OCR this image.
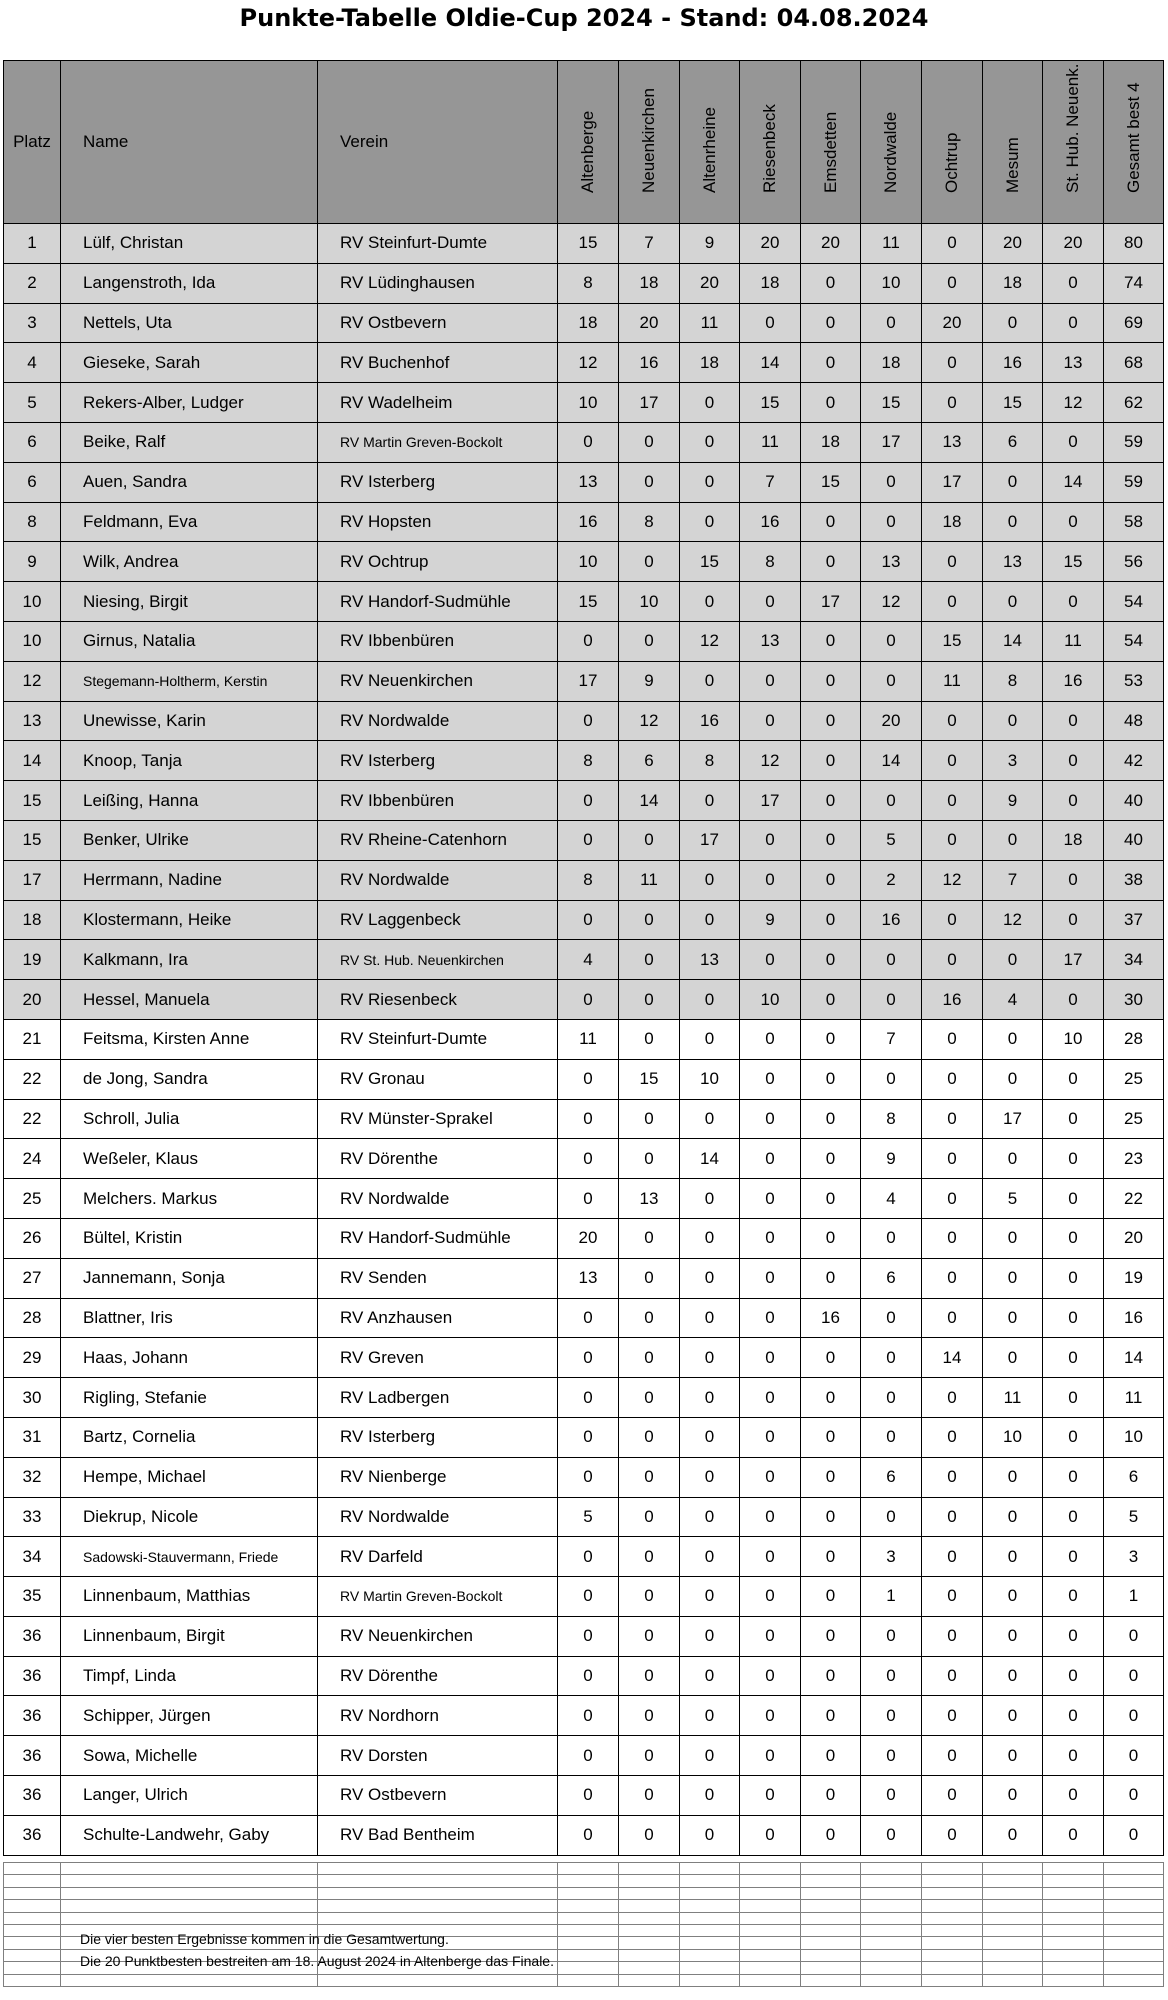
Punkte-Tabelle Oldie-Cup 2024 - Stand: 04.08.2024
Platz	Name	Verein	Altenberge	Neuenkirchen	Altenrheine	Riesenbeck	Emsdetten	Nordwalde	Ochtrup	Mesum	St. Hub. Neuenk.	Gesamt best 4

1	Lülf, Christan	RV Steinfurt-Dumte	15	7	9	20	20	11	0	20	20	80
2	Langenstroth, Ida	RV Lüdinghausen	8	18	20	18	0	10	0	18	0	74
3	Nettels, Uta	RV Ostbevern	18	20	11	0	0	0	20	0	0	69
4	Gieseke, Sarah	RV Buchenhof	12	16	18	14	0	18	0	16	13	68
5	Rekers-Alber, Ludger	RV Wadelheim	10	17	0	15	0	15	0	15	12	62
6	Beike, Ralf	RV Martin Greven-Bockolt	0	0	0	11	18	17	13	6	0	59
6	Auen, Sandra	RV Isterberg	13	0	0	7	15	0	17	0	14	59
8	Feldmann, Eva	RV Hopsten	16	8	0	16	0	0	18	0	0	58
9	Wilk, Andrea	RV Ochtrup	10	0	15	8	0	13	0	13	15	56
10	Niesing, Birgit	RV Handorf-Sudmühle	15	10	0	0	17	12	0	0	0	54
10	Girnus, Natalia	RV Ibbenbüren	0	0	12	13	0	0	15	14	11	54
12	Stegemann-Holtherm, Kerstin	RV Neuenkirchen	17	9	0	0	0	0	11	8	16	53
13	Unewisse, Karin	RV Nordwalde	0	12	16	0	0	20	0	0	0	48
14	Knoop, Tanja	RV Isterberg	8	6	8	12	0	14	0	3	0	42
15	Leißing, Hanna	RV Ibbenbüren	0	14	0	17	0	0	0	9	0	40
15	Benker, Ulrike	RV Rheine-Catenhorn	0	0	17	0	0	5	0	0	18	40
17	Herrmann, Nadine	RV Nordwalde	8	11	0	0	0	2	12	7	0	38
18	Klostermann, Heike	RV Laggenbeck	0	0	0	9	0	16	0	12	0	37
19	Kalkmann, Ira	RV St. Hub. Neuenkirchen	4	0	13	0	0	0	0	0	17	34
20	Hessel, Manuela	RV Riesenbeck	0	0	0	10	0	0	16	4	0	30
21	Feitsma, Kirsten Anne	RV Steinfurt-Dumte	11	0	0	0	0	7	0	0	10	28
22	de Jong, Sandra	RV Gronau	0	15	10	0	0	0	0	0	0	25
22	Schroll, Julia	RV Münster-Sprakel	0	0	0	0	0	8	0	17	0	25
24	Weßeler, Klaus	RV Dörenthe	0	0	14	0	0	9	0	0	0	23
25	Melchers. Markus	RV Nordwalde	0	13	0	0	0	4	0	5	0	22
26	Bültel, Kristin	RV Handorf-Sudmühle	20	0	0	0	0	0	0	0	0	20
27	Jannemann, Sonja	RV Senden	13	0	0	0	0	6	0	0	0	19
28	Blattner, Iris	RV Anzhausen	0	0	0	0	16	0	0	0	0	16
29	Haas, Johann	RV Greven	0	0	0	0	0	0	14	0	0	14
30	Rigling, Stefanie	RV Ladbergen	0	0	0	0	0	0	0	11	0	11
31	Bartz, Cornelia	RV Isterberg	0	0	0	0	0	0	0	10	0	10
32	Hempe, Michael	RV Nienberge	0	0	0	0	0	6	0	0	0	6
33	Diekrup, Nicole	RV Nordwalde	5	0	0	0	0	0	0	0	0	5
34	Sadowski-Stauvermann, Friede	RV Darfeld	0	0	0	0	0	3	0	0	0	3
35	Linnenbaum, Matthias	RV Martin Greven-Bockolt	0	0	0	0	0	1	0	0	0	1
36	Linnenbaum, Birgit	RV Neuenkirchen	0	0	0	0	0	0	0	0	0	0
36	Timpf, Linda	RV Dörenthe	0	0	0	0	0	0	0	0	0	0
36	Schipper, Jürgen	RV Nordhorn	0	0	0	0	0	0	0	0	0	0
36	Sowa, Michelle	RV Dorsten	0	0	0	0	0	0	0	0	0	0
36	Langer, Ulrich	RV Ostbevern	0	0	0	0	0	0	0	0	0	0
36	Schulte-Landwehr, Gaby	RV Bad Bentheim	0	0	0	0	0	0	0	0	0	0

Die vier besten Ergebnisse kommen in die Gesamtwertung.
Die 20 Punktbesten bestreiten am 18. August 2024 in Altenberge das Finale.
